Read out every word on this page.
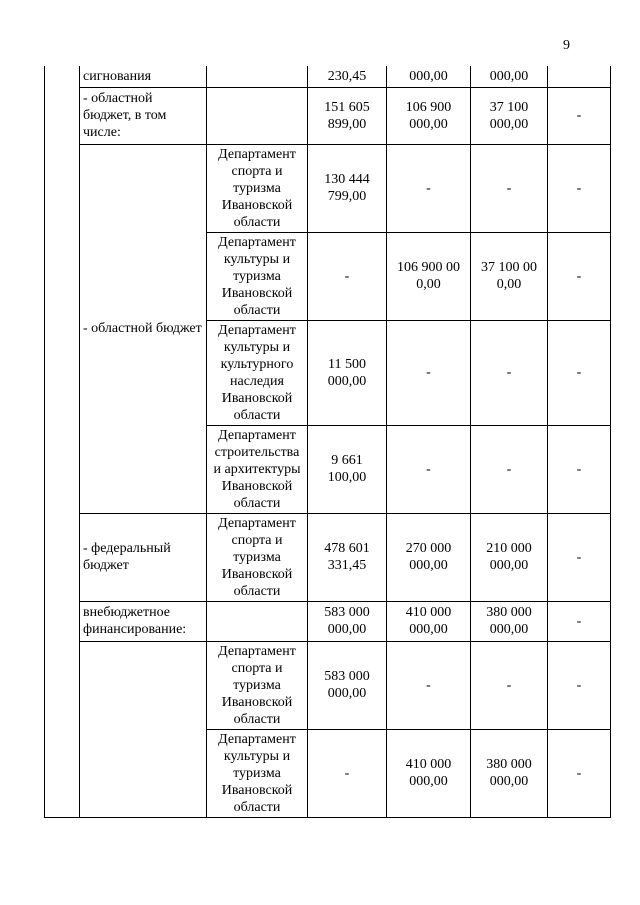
9
	сигнования		230,45	000,00	000,00	
	- областной бюджет, в том числе:		151 605 899,00	106 900 000,00	37 100 000,00	-
	- областной бюджет	Департамент спорта и туризма Ивановской области	130 444 799,00	-	-	-
		Департамент культуры и туризма Ивановской области	-	106 900 00 0,00	37 100 00 0,00	-
		Департамент культуры и культурного наследия Ивановской области	11 500 000,00	-	-	-
		Департамент строительства и архитектуры Ивановской области	9 661 100,00	-	-	-
	- федеральный бюджет	Департамент спорта и туризма Ивановской области	478 601 331,45	270 000 000,00	210 000 000,00	-
	внебюджетное финансирование:		583 000 000,00	410 000 000,00	380 000 000,00	-
		Департамент спорта и туризма Ивановской области	583 000 000,00	-	-	-
		Департамент культуры и туризма Ивановской области	-	410 000 000,00	380 000 000,00	-
